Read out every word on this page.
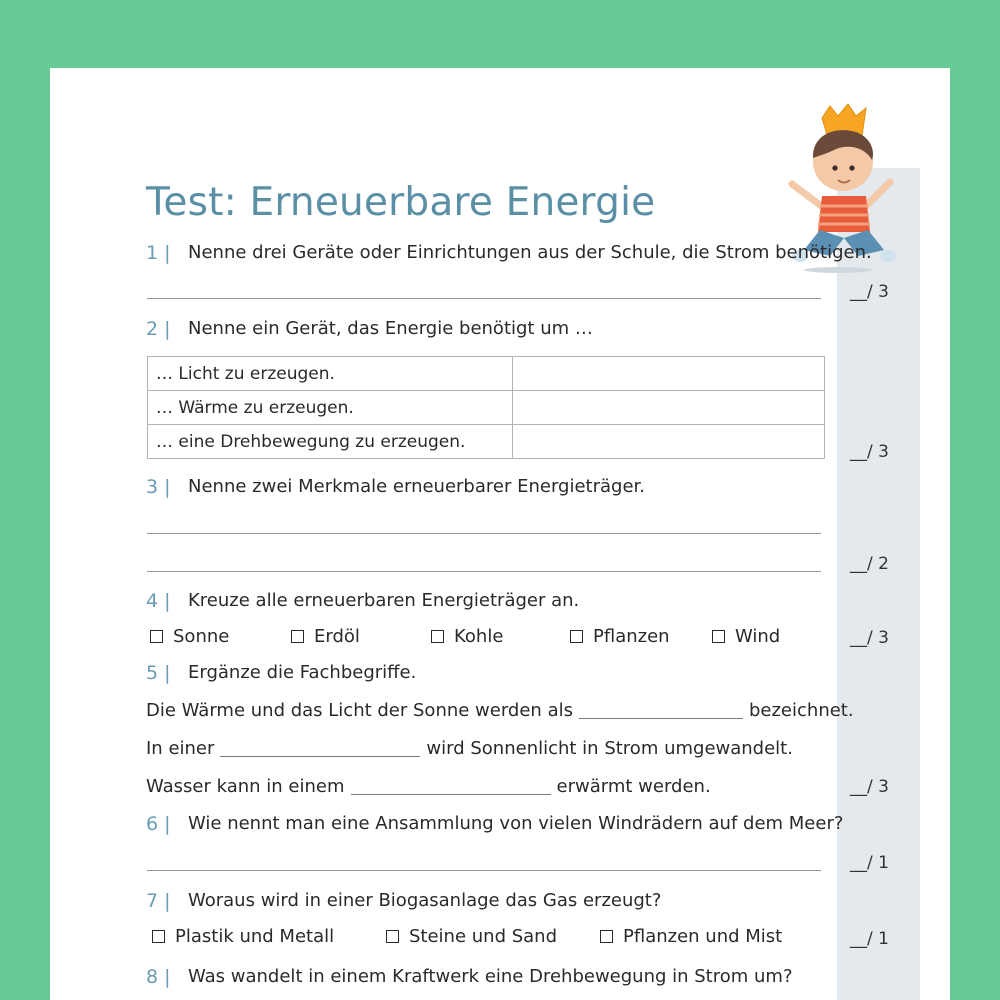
Test: Erneuerbare Energie
1 | Nenne drei Geräte oder Einrichtungen aus der Schule, die Strom benötigen.
__/ 3
2 | Nenne ein Gerät, das Energie benötigt um …
… Licht zu erzeugen.	
… Wärme zu erzeugen.	
… eine Drehbewegung zu erzeugen.	
__/ 3
3 | Nenne zwei Merkmale erneuerbarer Energieträger.
__/ 2
4 | Kreuze alle erneuerbaren Energieträger an.
Sonne	Erdöl	Kohle	Pflanzen	Wind	__/ 3
5 | Ergänze die Fachbegriffe.
Die Wärme und das Licht der Sonne werden als	bezeichnet.
In einer	wird Sonnenlicht in Strom umgewandelt.
Wasser kann in einem	erwärmt werden.	__/ 3
6 | Wie nennt man eine Ansammlung von vielen Windrädern auf dem Meer?
__/ 1
7 | Woraus wird in einer Biogasanlage das Gas erzeugt?
Plastik und Metall	Steine und Sand	Pflanzen und Mist	__/ 1
8 | Was wandelt in einem Kraftwerk eine Drehbewegung in Strom um?
